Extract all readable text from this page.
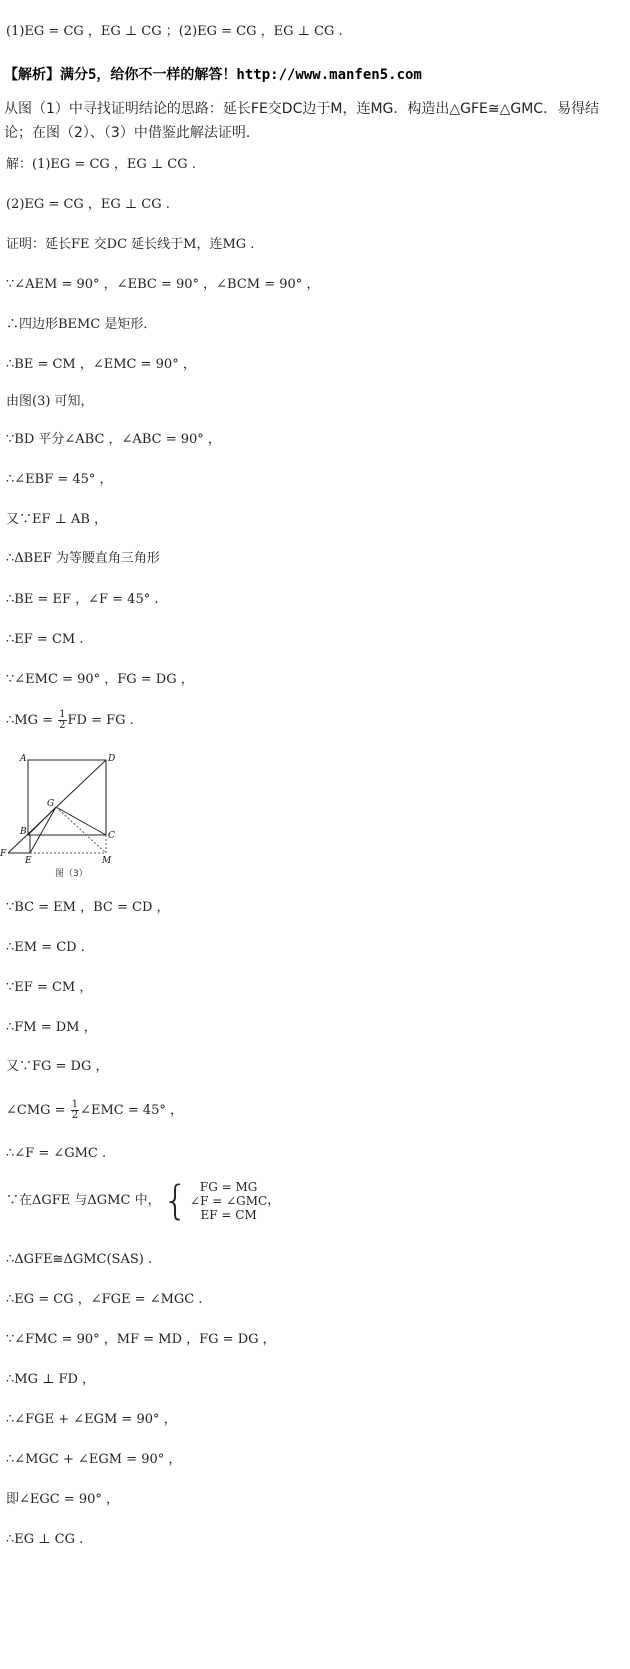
(1)EG = CG ，EG ⊥ CG ；(2)EG = CG ，EG ⊥ CG .
【解析】满分5，给你不一样的解答！http://www.manfen5.com
从图（1）中寻找证明结论的思路：延长FE交DC边于M，连MG．构造出△GFE≅△GMC．易得结论；在图（2）、（3）中借鉴此解法证明．
解：(1)EG = CG ，EG ⊥ CG .
(2)EG = CG ，EG ⊥ CG .
证明：延长FE 交DC 延长线于M，连MG .
∵∠AEM = 90° ，∠EBC = 90° ，∠BCM = 90° ，
∴四边形BEMC 是矩形．
∴BE = CM ，∠EMC = 90° ，
由图(3) 可知，
∵BD 平分∠ABC ，∠ABC = 90° ，
∴∠EBF = 45° ，
又∵EF ⊥ AB ，
∴ΔBEF 为等腰直角三角形
∴BE = EF ，∠F = 45° .
∴EF = CM .
∵∠EMC = 90° ，FG = DG ，
∴MG = $\frac{1}{2}$ FD = FG .
A	D
G
B	C
F
E	M
图（3）
∵BC = EM ，BC = CD ，
∴EM = CD .
∵EF = CM ，
∴FM = DM ，
又∵FG = DG ，
∠CMG = $\frac{1}{2}$ ∠EMC = 45° ，
∴∠F = ∠GMC .
∵在ΔGFE 与ΔGMC 中， { FG = MG
∠F = ∠GMC
EF = CM
，
∴ΔGFE≅ΔGMC(SAS) .
∴EG = CG ，∠FGE = ∠MGC .
∵∠FMC = 90° ，MF = MD ，FG = DG ，
∴MG ⊥ FD ，
∴∠FGE + ∠EGM = 90° ，
∴∠MGC + ∠EGM = 90° ，
即∠EGC = 90° ，
∴EG ⊥ CG .
